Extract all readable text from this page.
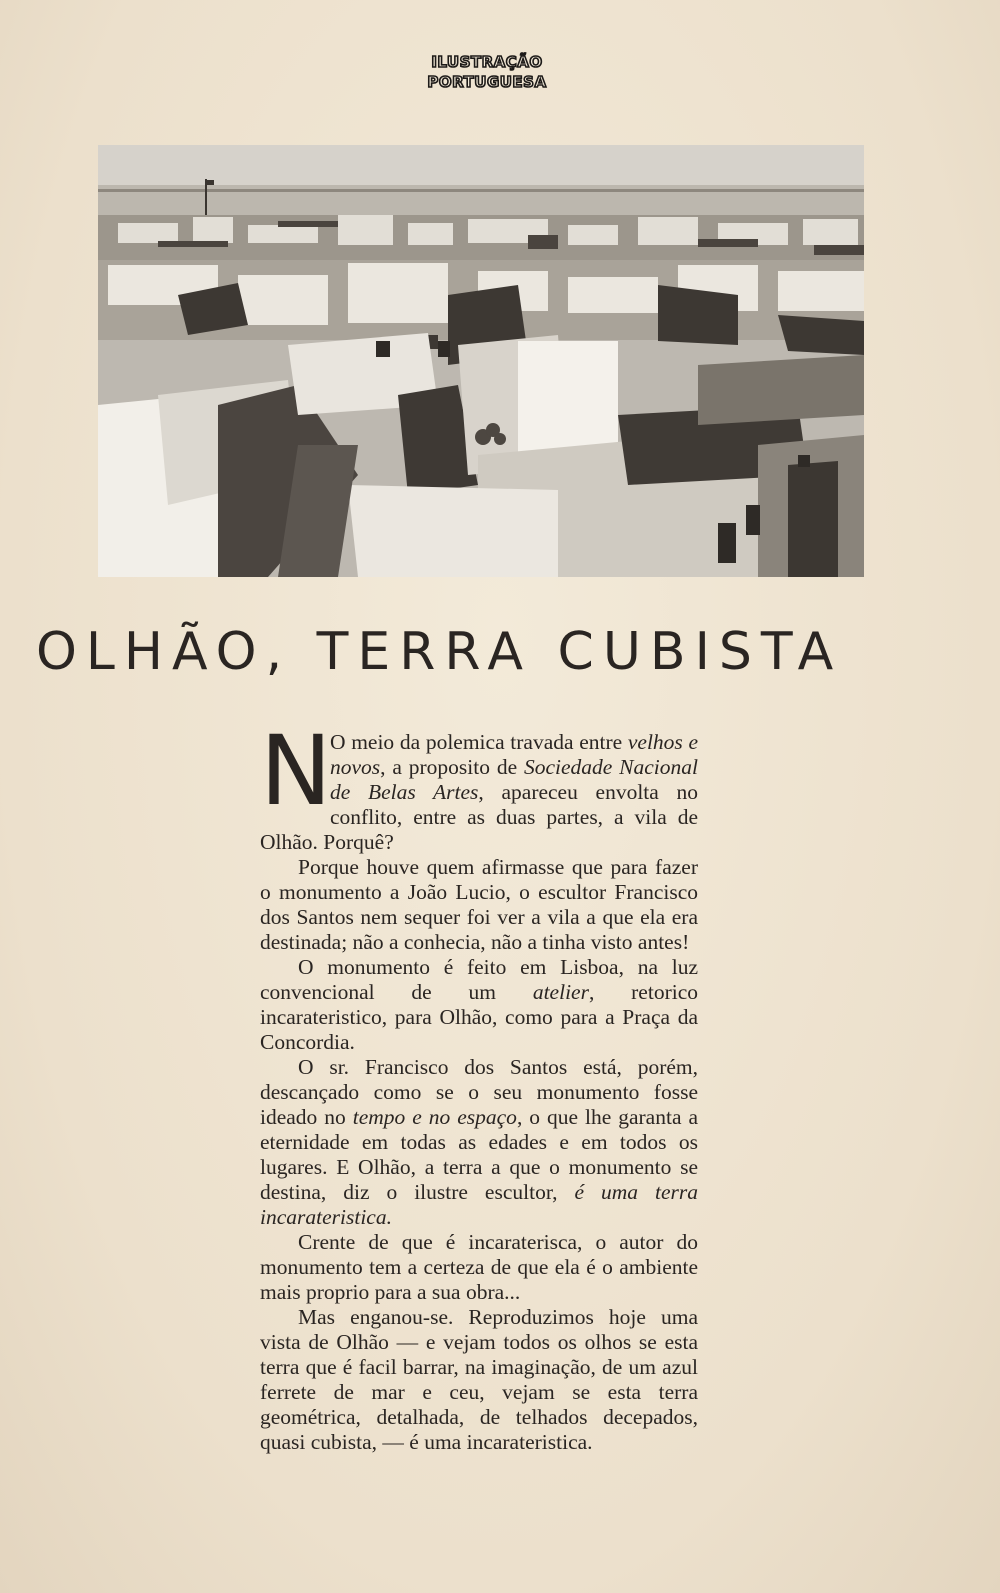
ILUSTRAÇÃO
PORTUGUESA
OLHÃO, TERRA CUBISTA

N
O meio da polemica travada entre velhos e novos, a proposito de Sociedade Nacional de Belas Artes, apareceu envolta no conflito, entre as duas partes, a vila de Olhão. Porquê?

Porque houve quem afirmasse que para fazer o monumento a João Lucio, o escultor Francisco dos Santos nem sequer foi ver a vila a que ela era destinada; não a conhecia, não a tinha visto antes!

O monumento é feito em Lisboa, na luz convencional de um atelier, retorico incarateristico, para Olhão, como para a Praça da Concordia.

O sr. Francisco dos Santos está, porém, descançado como se o seu monumento fosse ideado no tempo e no espaço, o que lhe garanta a eternidade em todas as edades e em todos os lugares. E Olhão, a terra a que o monumento se destina, diz o ilustre escultor, é uma terra incarateristica.

Crente de que é incaraterisca, o autor do monumento tem a certeza de que ela é o ambiente mais proprio para a sua obra...

Mas enganou-se. Reproduzimos hoje uma vista de Olhão — e vejam todos os olhos se esta terra que é facil barrar, na imaginação, de um azul ferrete de mar e ceu, vejam se esta terra geométrica, detalhada, de telhados decepados, quasi cubista, — é uma incarateristica.
